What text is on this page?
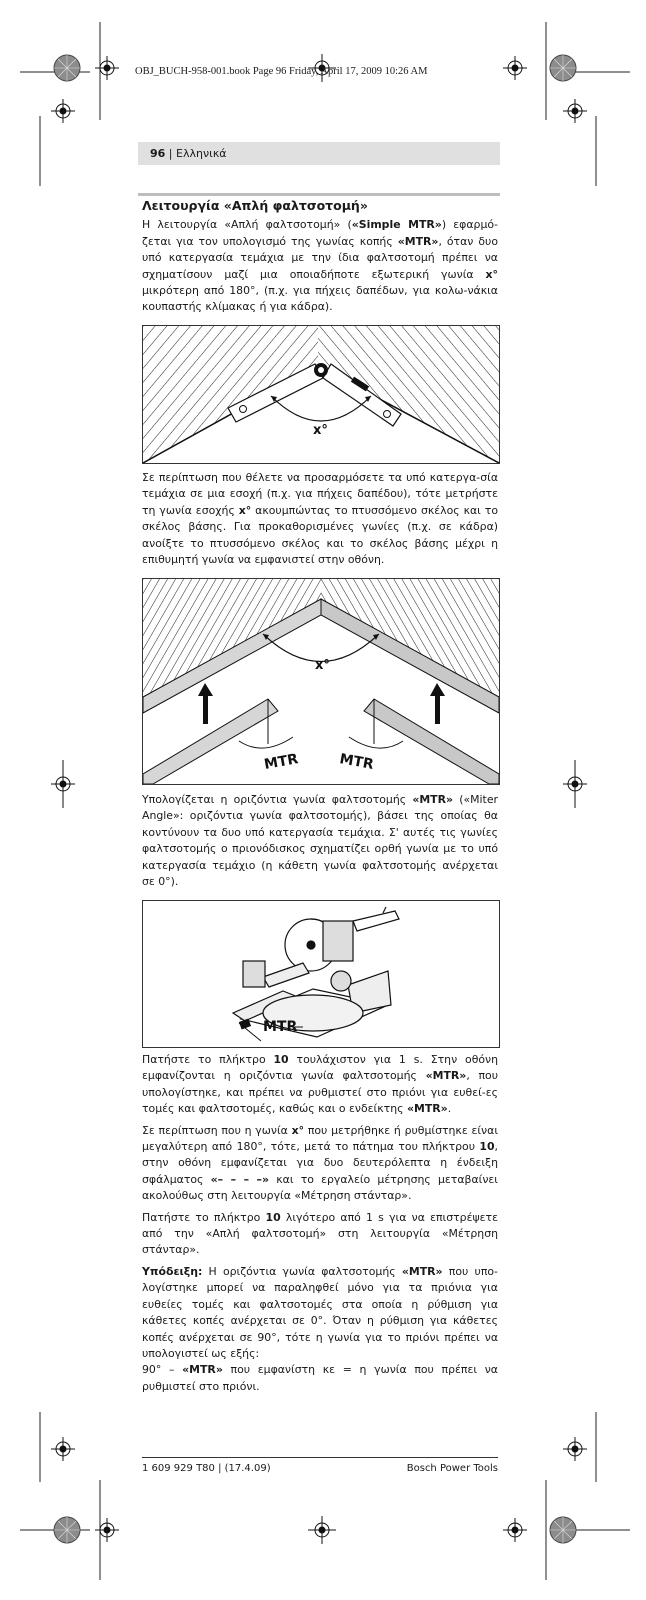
OBJ_BUCH-958-001.book Page 96 Friday, April 17, 2009 10:26 AM
96 | Ελληνικά
Λειτουργία «Απλή φαλτσοτομή»

Η λειτουργία «Απλή φαλτσοτομή» («Simple MTR») εφαρμό-ζεται για τον υπολογισμό της γωνίας κοπής «MTR», όταν δυο υπό κατεργασία τεμάχια με την ίδια φαλτσοτομή πρέπει να σχηματίσουν μαζί μια οποιαδήποτε εξωτερική γωνία x° μικρότερη από 180°, (π.χ. για πήχεις δαπέδων, για κολω-νάκια κουπαστής κλίμακας ή για κάδρα).

x°

Σε περίπτωση που θέλετε να προσαρμόσετε τα υπό κατεργα-σία τεμάχια σε μια εσοχή (π.χ. για πήχεις δαπέδου), τότε μετρήστε τη γωνία εσοχής x° ακουμπώντας το πτυσσόμενο σκέλος και το σκέλος βάσης. Για προκαθορισμένες γωνίες (π.χ. σε κάδρα) ανοίξτε το πτυσσόμενο σκέλος και το σκέλος βάσης μέχρι η επιθυμητή γωνία να εμφανιστεί στην οθόνη.

x°
MTR	MTR

Υπολογίζεται η οριζόντια γωνία φαλτσοτομής «MTR» («Miter Angle»: οριζόντια γωνία φαλτσοτομής), βάσει της οποίας θα κοντύνουν τα δυο υπό κατεργασία τεμάχια. Σ' αυτές τις γωνίες φαλτσοτομής ο πριονόδισκος σχηματίζει ορθή γωνία με το υπό κατεργασία τεμάχιο (η κάθετη γωνία φαλτσοτομής ανέρχεται σε 0°).

MTR

Πατήστε το πλήκτρο 10 τουλάχιστον για 1 s. Στην οθόνη εμφανίζονται η οριζόντια γωνία φαλτσοτομής «MTR», που υπολογίστηκε, και πρέπει να ρυθμιστεί στο πριόνι για ευθεί-ες τομές και φαλτσοτομές, καθώς και ο ενδείκτης «MTR».

Σε περίπτωση που η γωνία x° που μετρήθηκε ή ρυθμίστηκε είναι μεγαλύτερη από 180°, τότε, μετά το πάτημα του πλήκτρου 10, στην οθόνη εμφανίζεται για δυο δευτερόλεπτα η ένδειξη σφάλματος «– – – –» και το εργαλείο μέτρησης μεταβαίνει ακολούθως στη λειτουργία «Μέτρηση στάνταρ».

Πατήστε το πλήκτρο 10 λιγότερο από 1 s για να επιστρέψετε από την «Απλή φαλτσοτομή» στη λειτουργία «Μέτρηση στάνταρ».

Υπόδειξη: Η οριζόντια γωνία φαλτσοτομής «MTR» που υπο-λογίστηκε μπορεί να παραληφθεί μόνο για τα πριόνια για ευθείες τομές και φαλτσοτομές στα οποία η ρύθμιση για κάθετες κοπές ανέρχεται σε 0°. Όταν η ρύθμιση για κάθετες κοπές ανέρχεται σε 90°, τότε η γωνία για το πριόνι πρέπει να υπολογιστεί ως εξής:
90° – «MTR» που εμφανίστη κε = η γωνία που πρέπει να ρυθμιστεί στο πριόνι.

1 609 929 T80 | (17.4.09)	Bosch Power Tools
